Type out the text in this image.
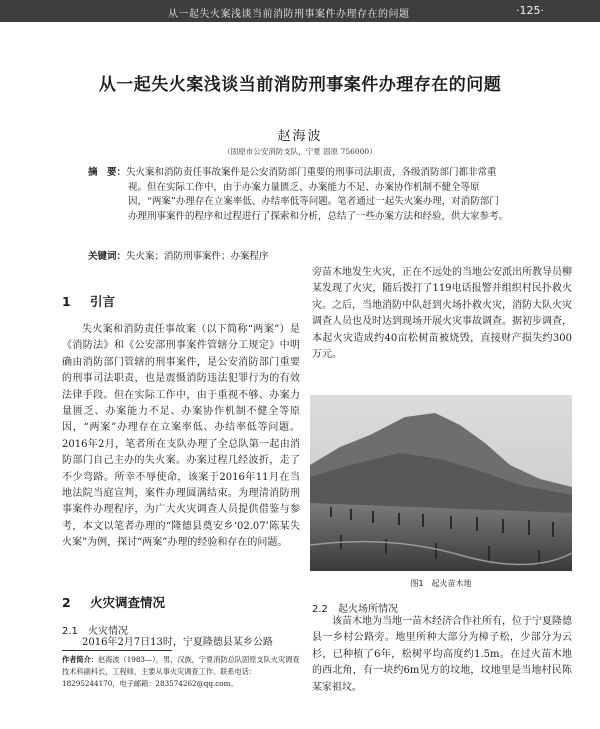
从一起失火案浅谈当前消防刑事案件办理存在的问题	·125·
从一起失火案浅谈当前消防刑事案件办理存在的问题
赵海波
（固原市公安消防支队，宁夏 固原 756000）
摘　要：失火案和消防责任事故案件是公安消防部门重要的刑事司法职责，各级消防部门都非常重视。但在实际工作中，由于办案力量匮乏、办案能力不足、办案协作机制不健全等原因，“两案”办理存在立案率低、办结率低等问题。笔者通过一起失火案办理，对消防部门办理刑事案件的程序和过程进行了探索和分析，总结了一些办案方法和经验，供大家参考。
关键词：失火案；消防刑事案件；办案程序
1 引言
失火案和消防责任事故案（以下简称“两案”）是《消防法》和《公安部刑事案件管辖分工规定》中明确由消防部门管辖的刑事案件，是公安消防部门重要的刑事司法职责，也是震慑消防违法犯罪行为的有效法律手段。但在实际工作中，由于重视不够、办案力量匮乏、办案能力不足、办案协作机制不健全等原因，“两案”办理存在立案率低、办结率低等问题。2016年2月，笔者所在支队办理了全总队第一起由消防部门自己主办的失火案。办案过程几经波折，走了不少弯路。所幸不辱使命，该案于2016年11月在当地法院当庭宣判，案件办理圆满结束。为理清消防刑事案件办理程序，为广大火灾调查人员提供借鉴与参考，本文以笔者办理的“隆德县奠安乡‘02.07’陈某失火案”为例，探讨“两案”办理的经验和存在的问题。
2 火灾调查情况
2.1 火灾情况
2016年2月7日13时，宁夏隆德县某乡公路
旁苗木地发生火灾，正在不远处的当地公安派出所教导员柳某发现了火灾，随后拨打了119电话报警并组织村民扑救火灾。之后，当地消防中队赶到火场扑救火灾，消防大队火灾调查人员也及时达到现场开展火灾事故调查。据初步调查，本起火灾造成约40亩松树苗被烧毁，直接财产损失约300万元。
图1　起火苗木地
2.2 起火场所情况
该苗木地为当地一苗木经济合作社所有，位于宁夏隆德县一乡村公路旁。地里所种大部分为樟子松，少部分为云杉，已种植了6年，松树平均高度约1.5m。在过火苗木地的西北角，有一块约6m见方的坟地，坟地里是当地村民陈某家祖坟。
作者简介：赵海波（1983—），男，汉族，宁夏消防总队固原支队火灾调查技术科副科长，工程师，主要从事火灾调查工作。联系电话：18295244170，电子邮箱：283574262@qq.com。
